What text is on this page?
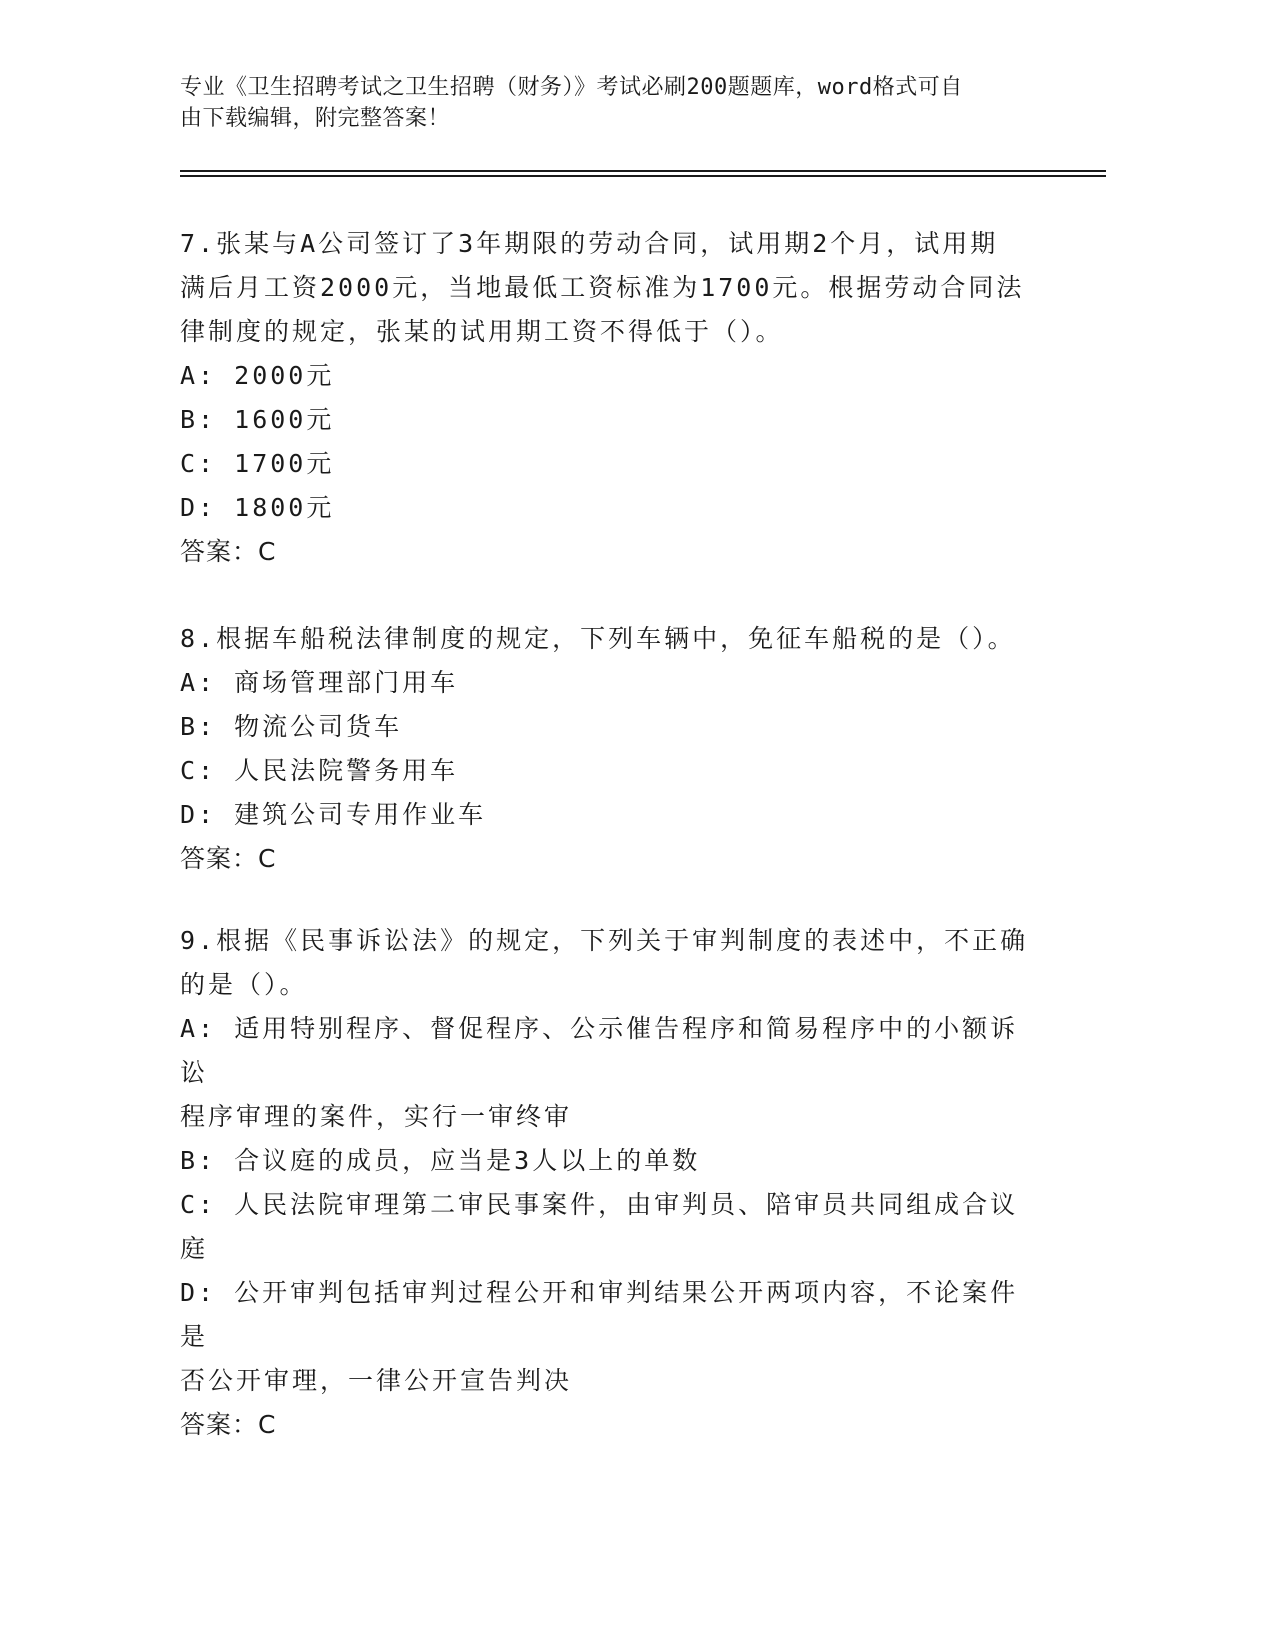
专业《卫生招聘考试之卫生招聘（财务）》考试必刷200题题库，word格式可自
由下载编辑，附完整答案！

7.张某与A公司签订了3年期限的劳动合同，试用期2个月，试用期

满后月工资2000元，当地最低工资标准为1700元。根据劳动合同法

律制度的规定，张某的试用期工资不得低于（）。

A: 2000元

B: 1600元

C: 1700元

D: 1800元

答案：C

8.根据车船税法律制度的规定，下列车辆中，免征车船税的是（）。

A: 商场管理部门用车

B: 物流公司货车

C: 人民法院警务用车

D: 建筑公司专用作业车

答案：C

9.根据《民事诉讼法》的规定，下列关于审判制度的表述中，不正确

的是（）。

A: 适用特别程序、督促程序、公示催告程序和简易程序中的小额诉讼

程序审理的案件，实行一审终审

B: 合议庭的成员，应当是3人以上的单数

C: 人民法院审理第二审民事案件，由审判员、陪审员共同组成合议庭

D: 公开审判包括审判过程公开和审判结果公开两项内容，不论案件是

否公开审理，一律公开宣告判决

答案：C
